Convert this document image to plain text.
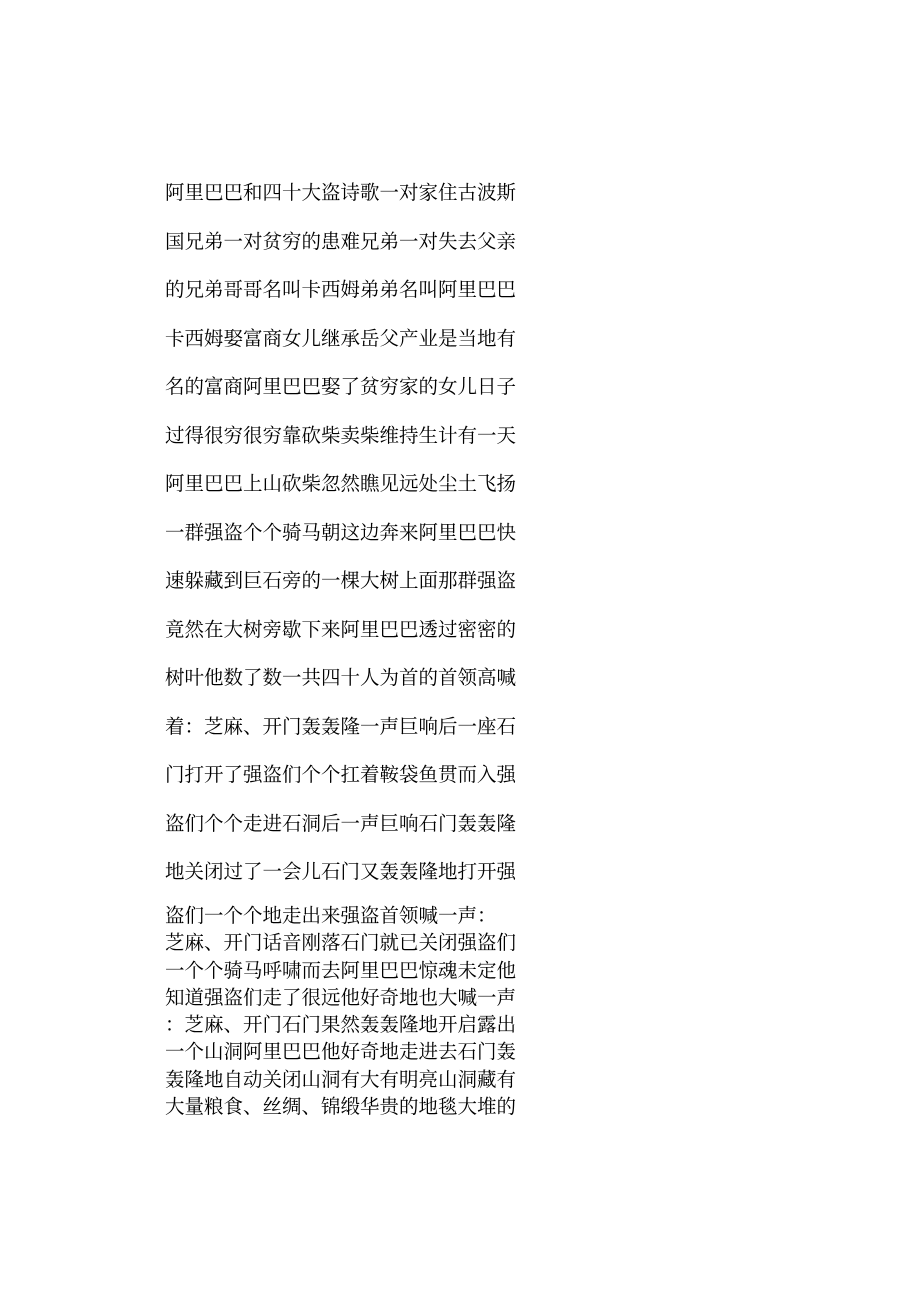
阿里巴巴和四十大盗诗歌一对家住古波斯
国兄弟一对贫穷的患难兄弟一对失去父亲
的兄弟哥哥名叫卡西姆弟弟名叫阿里巴巴
卡西姆娶富商女儿继承岳父产业是当地有
名的富商阿里巴巴娶了贫穷家的女儿日子
过得很穷很穷靠砍柴卖柴维持生计有一天
阿里巴巴上山砍柴忽然瞧见远处尘土飞扬
一群强盗个个骑马朝这边奔来阿里巴巴快
速躲藏到巨石旁的一棵大树上面那群强盗
竟然在大树旁歇下来阿里巴巴透过密密的
树叶他数了数一共四十人为首的首领高喊
着：芝麻、开门轰轰隆一声巨响后一座石
门打开了强盗们个个扛着鞍袋鱼贯而入强
盗们个个走进石洞后一声巨响石门轰轰隆
地关闭过了一会儿石门又轰轰隆地打开强
盗们一个个地走出来强盗首领喊一声：
芝麻、开门话音刚落石门就已关闭强盗们
一个个骑马呼啸而去阿里巴巴惊魂未定他
知道强盗们走了很远他好奇地也大喊一声
：芝麻、开门石门果然轰轰隆地开启露出
一个山洞阿里巴巴他好奇地走进去石门轰
轰隆地自动关闭山洞有大有明亮山洞藏有
大量粮食、丝绸、锦缎华贵的地毯大堆的
